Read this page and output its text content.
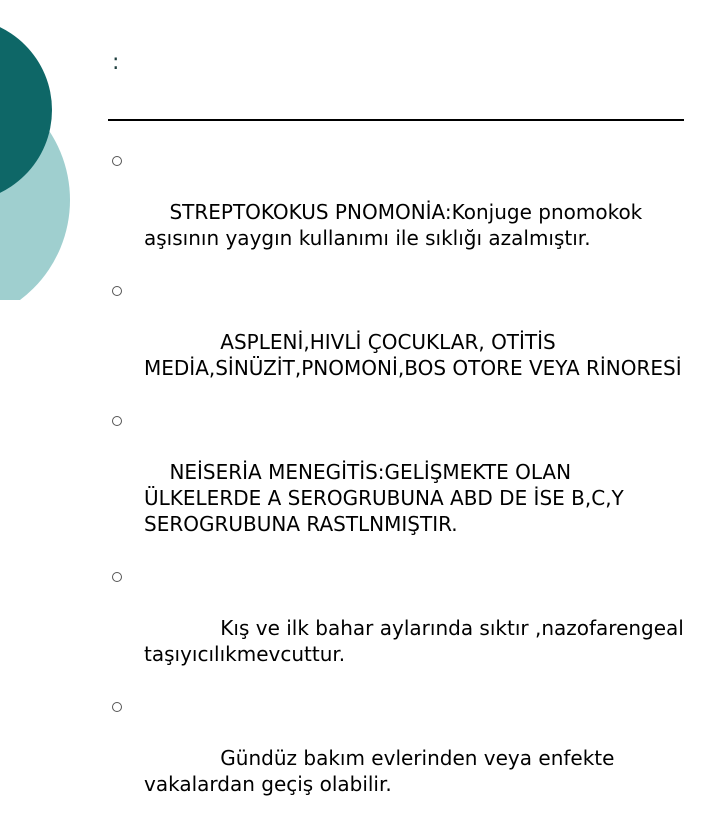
:

STREPTOKOKUS PNOMONİA:Konjuge pnomokok aşısının yaygın kullanımı ile sıklığı azalmıştır.

ASPLENİ,HIVLİ ÇOCUKLAR, OTİTİS MEDİA,SİNÜZİT,PNOMONİ,BOS OTORE VEYA RİNORESİ

NEİSERİA MENEGİTİS:GELİŞMEKTE OLAN ÜLKELERDE A SEROGRUBUNA ABD DE İSE B,C,Y SEROGRUBUNA RASTLNMIŞTIR.

Kış ve ilk bahar aylarında sıktır ,nazofarengeal taşıyıcılıkmevcuttur.

Gündüz bakım evlerinden veya enfekte vakalardan geçiş olabilir.
